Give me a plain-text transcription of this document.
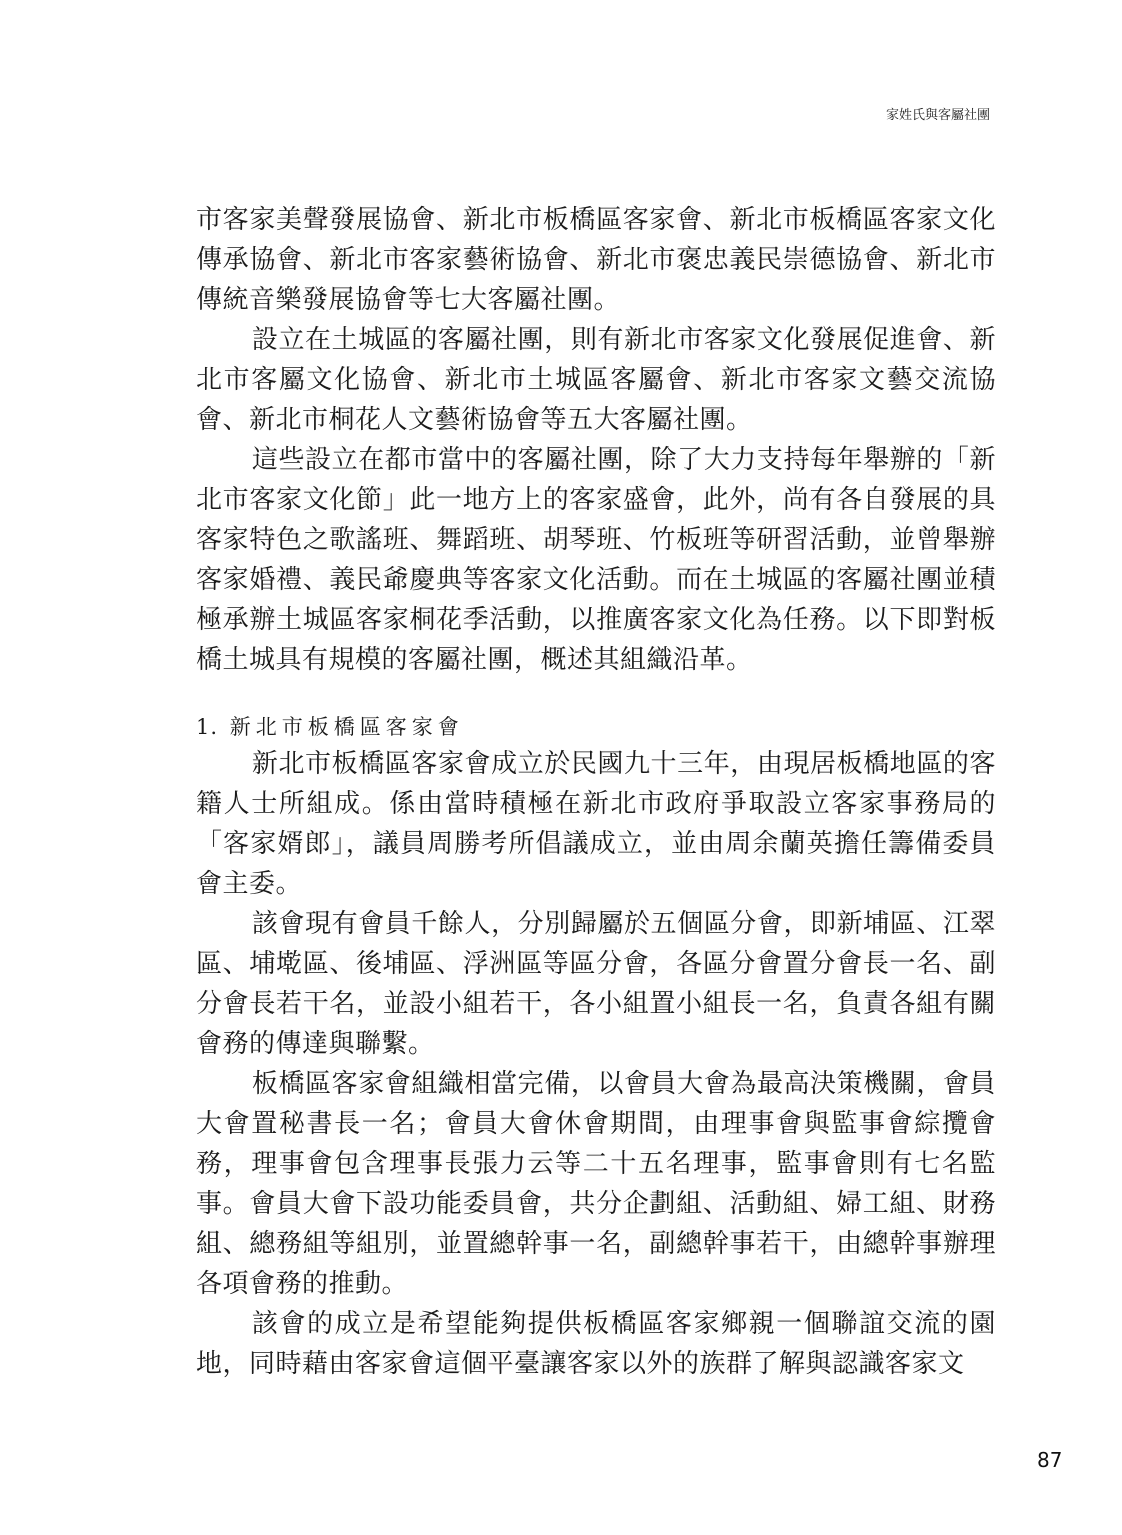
家姓氏與客屬社團

市客家美聲發展協會、新北市板橋區客家會、新北市板橋區客家文化傳承協會、新北市客家藝術協會、新北市褒忠義民崇德協會、新北市傳統音樂發展協會等七大客屬社團。

設立在土城區的客屬社團，則有新北市客家文化發展促進會、新北市客屬文化協會、新北市土城區客屬會、新北市客家文藝交流協會、新北市桐花人文藝術協會等五大客屬社團。

這些設立在都市當中的客屬社團，除了大力支持每年舉辦的「新北市客家文化節」此一地方上的客家盛會，此外，尚有各自發展的具客家特色之歌謠班、舞蹈班、胡琴班、竹板班等研習活動，並曾舉辦客家婚禮、義民爺慶典等客家文化活動。而在土城區的客屬社團並積極承辦土城區客家桐花季活動，以推廣客家文化為任務。以下即對板橋土城具有規模的客屬社團，概述其組織沿革。

1. 新北市板橋區客家會

新北市板橋區客家會成立於民國九十三年，由現居板橋地區的客籍人士所組成。係由當時積極在新北市政府爭取設立客家事務局的「客家婿郎」，議員周勝考所倡議成立，並由周余蘭英擔任籌備委員會主委。

該會現有會員千餘人，分別歸屬於五個區分會，即新埔區、江翠區、埔墘區、後埔區、浮洲區等區分會，各區分會置分會長一名、副分會長若干名，並設小組若干，各小組置小組長一名，負責各組有關會務的傳達與聯繫。

板橋區客家會組織相當完備，以會員大會為最高決策機關，會員大會置秘書長一名；會員大會休會期間，由理事會與監事會綜攬會務，理事會包含理事長張力云等二十五名理事，監事會則有七名監事。會員大會下設功能委員會，共分企劃組、活動組、婦工組、財務組、總務組等組別，並置總幹事一名，副總幹事若干，由總幹事辦理各項會務的推動。

該會的成立是希望能夠提供板橋區客家鄉親一個聯誼交流的園地，同時藉由客家會這個平臺讓客家以外的族群了解與認識客家文

87
